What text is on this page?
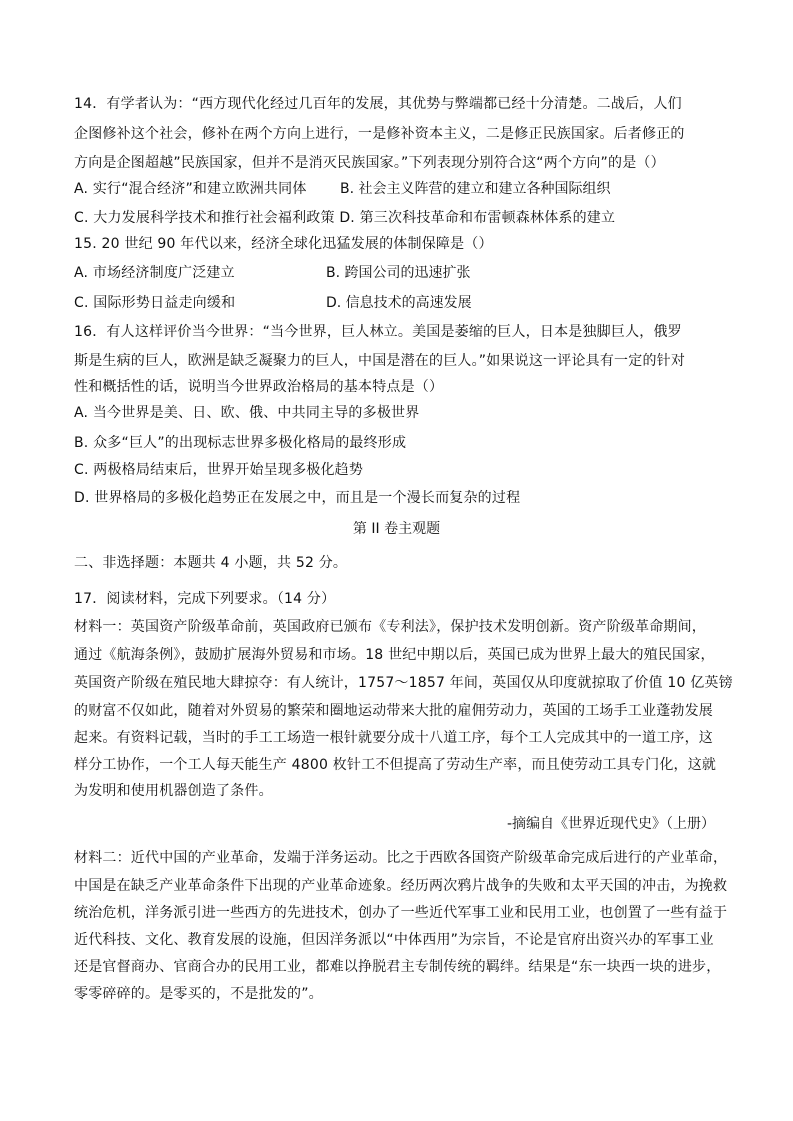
14．有学者认为：“西方现代化经过几百年的发展，其优势与弊端都已经十分清楚。二战后，人们
企图修补这个社会，修补在两个方向上进行，一是修补资本主义，二是修正民族国家。后者修正的
方向是企图超越”民族国家，但并不是消灭民族国家。”下列表现分别符合这“两个方向”的是（）
A. 实行“混合经济”和建立欧洲共同体 B. 社会主义阵营的建立和建立各种国际组织
C. 大力发展科学技术和推行社会福利政策 D. 第三次科技革命和布雷顿森林体系的建立
15. 20 世纪 90 年代以来，经济全球化迅猛发展的体制保障是（）
A. 市场经济制度广泛建立	B. 跨国公司的迅速扩张
C. 国际形势日益走向缓和	D. 信息技术的高速发展
16．有人这样评价当今世界：“当今世界，巨人林立。美国是萎缩的巨人，日本是独脚巨人，俄罗
斯是生病的巨人，欧洲是缺乏凝聚力的巨人，中国是潜在的巨人。”如果说这一评论具有一定的针对
性和概括性的话，说明当今世界政治格局的基本特点是（）
A. 当今世界是美、日、欧、俄、中共同主导的多极世界
B. 众多“巨人”的出现标志世界多极化格局的最终形成
C. 两极格局结束后，世界开始呈现多极化趋势
D. 世界格局的多极化趋势正在发展之中，而且是一个漫长而复杂的过程
第 II 卷主观题
二、非选择题：本题共 4 小题，共 52 分。
17．阅读材料，完成下列要求。（14 分）
材料一：英国资产阶级革命前，英国政府已颁布《专利法》，保护技术发明创新。资产阶级革命期间，
通过《航海条例》，鼓励扩展海外贸易和市场。18 世纪中期以后，英国已成为世界上最大的殖民国家，
英国资产阶级在殖民地大肆掠夺：有人统计，1757～1857 年间，英国仅从印度就掠取了价值 10 亿英镑
的财富不仅如此，随着对外贸易的繁荣和圈地运动带来大批的雇佣劳动力，英国的工场手工业蓬勃发展
起来。有资料记载，当时的手工工场造一根针就要分成十八道工序，每个工人完成其中的一道工序，这
样分工协作，一个工人每天能生产 4800 枚针工不但提高了劳动生产率，而且使劳动工具专门化，这就
为发明和使用机器创造了条件。
-摘编自《世界近现代史》（上册）
材料二：近代中国的产业革命，发端于洋务运动。比之于西欧各国资产阶级革命完成后进行的产业革命，
中国是在缺乏产业革命条件下出现的产业革命迹象。经历两次鸦片战争的失败和太平天国的冲击，为挽救
统治危机，洋务派引进一些西方的先进技术，创办了一些近代军事工业和民用工业，也创置了一些有益于
近代科技、文化、教育发展的设施，但因洋务派以“中体西用”为宗旨，不论是官府出资兴办的军事工业
还是官督商办、官商合办的民用工业，都难以挣脱君主专制传统的羁绊。结果是“东一块西一块的进步，
零零碎碎的。是零买的，不是批发的”。
